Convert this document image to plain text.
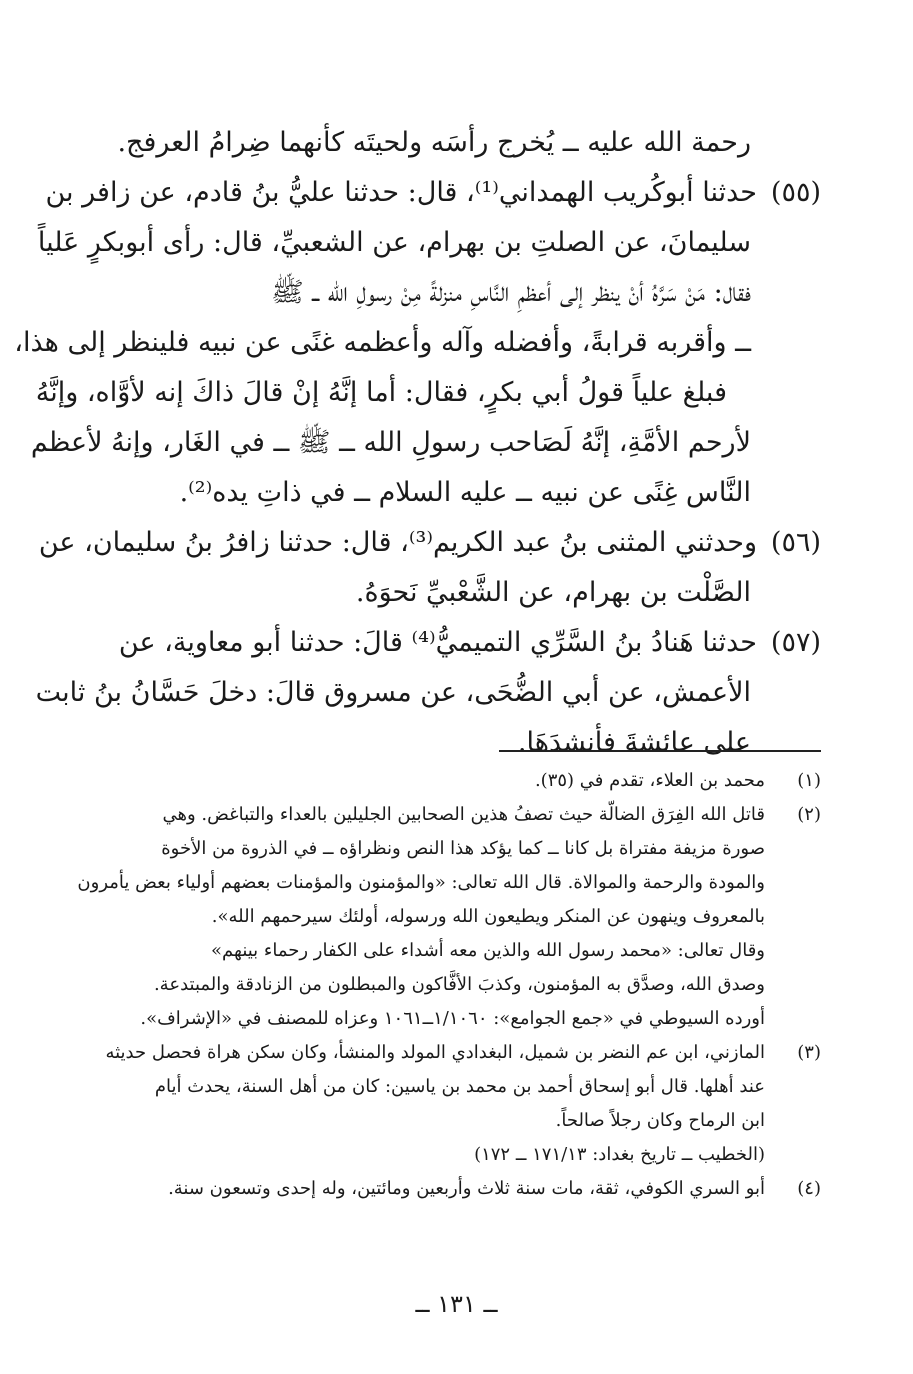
رحمة الله عليه ــ يُخرج رأسَه ولحيتَه كأنهما ضِرامُ العرفج.
(٥٥)
حدثنا أبوكُريب الهمداني⁽¹⁾، قال: حدثنا عليُّ بنُ قادم، عن زافر بن
سليمانَ، عن الصلتِ بن بهرام، عن الشعبيِّ، قال: رأى أبوبكرٍ عَلياً
فقال: مَنْ سَرَّهُ أنْ ينظر إلى أعظمِ النَّاسِ منزلةً مِنْ رسولِ الله ــ ﷺ
ــ وأقربه قرابةً، وأفضله وآله وأعظمه غنًى عن نبيه فلينظر إلى هذا،
فبلغ علياً قولُ أبي بكرٍ، فقال: أما إنَّهُ إنْ قالَ ذاكَ إنه لأوَّاه، وإنَّهُ
لأرحم الأمَّةِ، إنَّهُ لَصَاحب رسولِ الله ــ ﷺ ــ في الغَار، وإنهُ لأعظم
النَّاس غِنًى عن نبيه ــ عليه السلام ــ في ذاتِ يده⁽²⁾.
(٥٦)
وحدثني المثنى بنُ عبد الكريم⁽³⁾، قال: حدثنا زافرُ بنُ سليمان، عن
الصَّلْت بن بهرام، عن الشَّعْبيِّ نَحوَهُ.
(٥٧)
حدثنا هَنادُ بنُ السَّرِّي التميميُّ⁽⁴⁾ قالَ: حدثنا أبو معاوية، عن
الأعمش، عن أبي الضُّحَى، عن مسروق قالَ: دخلَ حَسَّانُ بنُ ثابت
على عائشةَ فأنشدَهَا.
(١)
محمد بن العلاء، تقدم في (٣٥).
(٢)
قاتل الله الفِرَق الضالّة حيث تصفُ هذين الصحابين الجليلين بالعداء والتباغض. وهي
صورة مزيفة مفتراة بل كانا ــ كما يؤكد هذا النص ونظراؤه ــ في الذروة من الأخوة
والمودة والرحمة والموالاة. قال الله تعالى: «والمؤمنون والمؤمنات بعضهم أولياء بعض يأمرون
بالمعروف وينهون عن المنكر ويطيعون الله ورسوله، أولئك سيرحمهم الله».
وقال تعالى: «محمد رسول الله والذين معه أشداء على الكفار رحماء بينهم»
وصدق الله، وصدَّق به المؤمنون، وكذبَ الأفَّاكون والمبطلون من الزنادقة والمبتدعة.
أورده السيوطي في «جمع الجوامع»: ١/١٠٦٠ــ١٠٦١ وعزاه للمصنف في «الإشراف».
(٣)
المازني، ابن عم النضر بن شميل، البغدادي المولد والمنشأ، وكان سكن هراة فحصل حديثه
عند أهلها. قال أبو إسحاق أحمد بن محمد بن ياسين: كان من أهل السنة، يحدث أيام
ابن الرماح وكان رجلاً صالحاً.
(الخطيب ــ تاريخ بغداد: ١٧١/١٣ ــ ١٧٢)
(٤)
أبو السري الكوفي، ثقة، مات سنة ثلاث وأربعين ومائتين، وله إحدى وتسعون سنة.
ــ ١٣١ ــ
